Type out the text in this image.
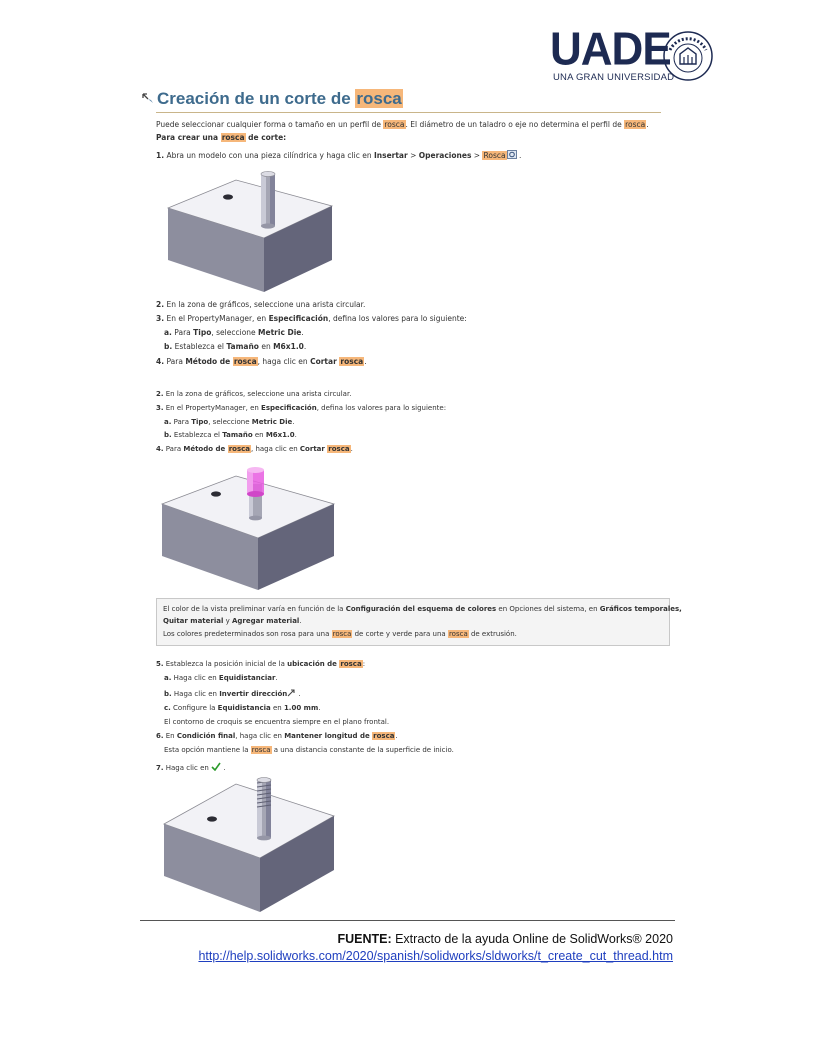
UADE
UNA GRAN UNIVERSIDAD
Creación de un corte de rosca
Puede seleccionar cualquier forma o tamaño en un perfil de rosca. El diámetro de un taladro o eje no determina el perfil de rosca.
Para crear una rosca de corte:
1. Abra un modelo con una pieza cilíndrica y haga clic en Insertar > Operaciones > Rosca .
2. En la zona de gráficos, seleccione una arista circular.
3. En el PropertyManager, en Especificación, defina los valores para lo siguiente:
a. Para Tipo, seleccione Metric Die.
b. Establezca el Tamaño en M6x1.0.
4. Para Método de rosca, haga clic en Cortar rosca.
2. En la zona de gráficos, seleccione una arista circular.
3. En el PropertyManager, en Especificación, defina los valores para lo siguiente:
a. Para Tipo, seleccione Metric Die.
b. Establezca el Tamaño en M6x1.0.
4. Para Método de rosca, haga clic en Cortar rosca.
El color de la vista preliminar varía en función de la Configuración del esquema de colores en Opciones del sistema, en Gráficos temporales,
Quitar material y Agregar material.
Los colores predeterminados son rosa para una rosca de corte y verde para una rosca de extrusión.
5. Establezca la posición inicial de la ubicación de rosca:
a. Haga clic en Equidistanciar.
b. Haga clic en Invertir dirección .
c. Configure la Equidistancia en 1.00 mm.
El contorno de croquis se encuentra siempre en el plano frontal.
6. En Condición final, haga clic en Mantener longitud de rosca.
Esta opción mantiene la rosca a una distancia constante de la superficie de inicio.
7. Haga clic en  .
FUENTE: Extracto de la ayuda Online de SolidWorks® 2020
http://help.solidworks.com/2020/spanish/solidworks/sldworks/t_create_cut_thread.htm
